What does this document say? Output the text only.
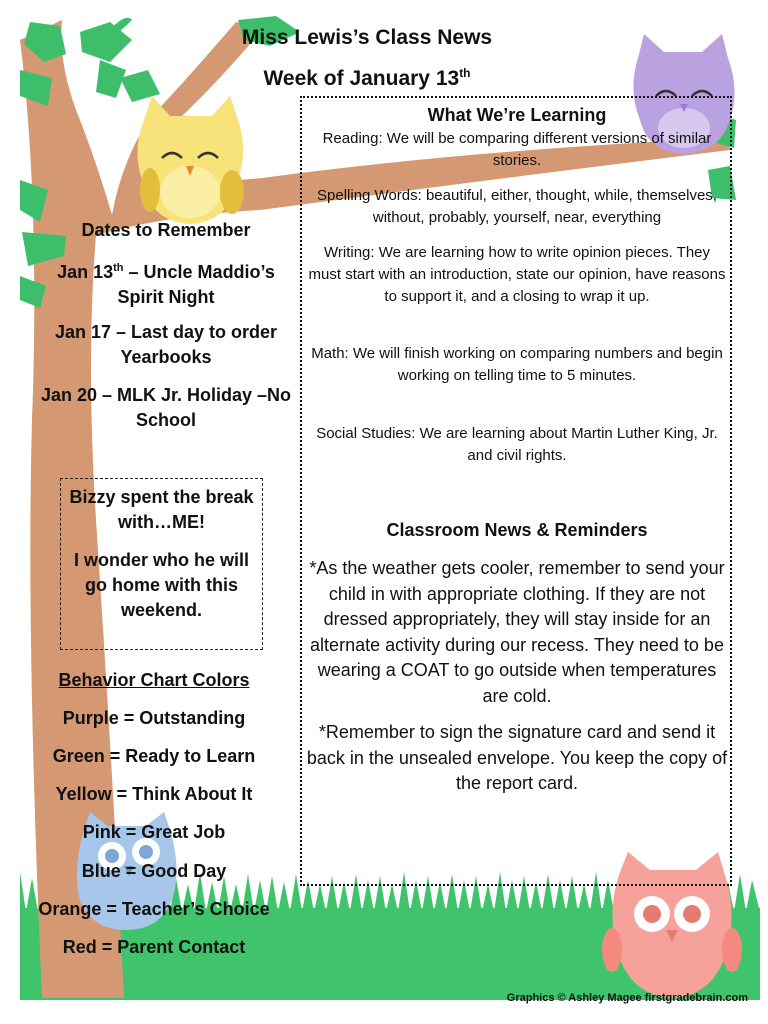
Miss Lewis’s Class News
Week of January 13th
What We’re Learning
Reading: We will be comparing different versions of similar stories.
Spelling Words: beautiful, either, thought, while, themselves, without, probably, yourself, near, everything
Writing: We are learning how to write opinion pieces. They must start with an introduction, state our opinion, have reasons to support it, and a closing to wrap it up.
Math: We will finish working on comparing numbers and begin working on telling time to 5 minutes.
Social Studies: We are learning about Martin Luther King, Jr. and civil rights.
Classroom News & Reminders
*As the weather gets cooler, remember to send your child in with appropriate clothing. If they are not dressed appropriately, they will stay inside for an alternate activity during our recess. They need to be wearing a COAT to go outside when temperatures are cold.
*Remember to sign the signature card and send it back in the unsealed envelope. You keep the copy of the report card.
Dates to Remember
Jan 13th – Uncle Maddio’s Spirit Night
Jan 17 – Last day to order Yearbooks
Jan 20 – MLK Jr. Holiday –No School
Bizzy spent the break with…ME!
I wonder who he will go home with this weekend.
Behavior Chart Colors
Purple = Outstanding
Green = Ready to Learn
Yellow = Think About It
Pink = Great Job
Blue = Good Day
Orange = Teacher’s Choice
Red = Parent Contact
Graphics © Ashley Magee firstgradebrain.com
